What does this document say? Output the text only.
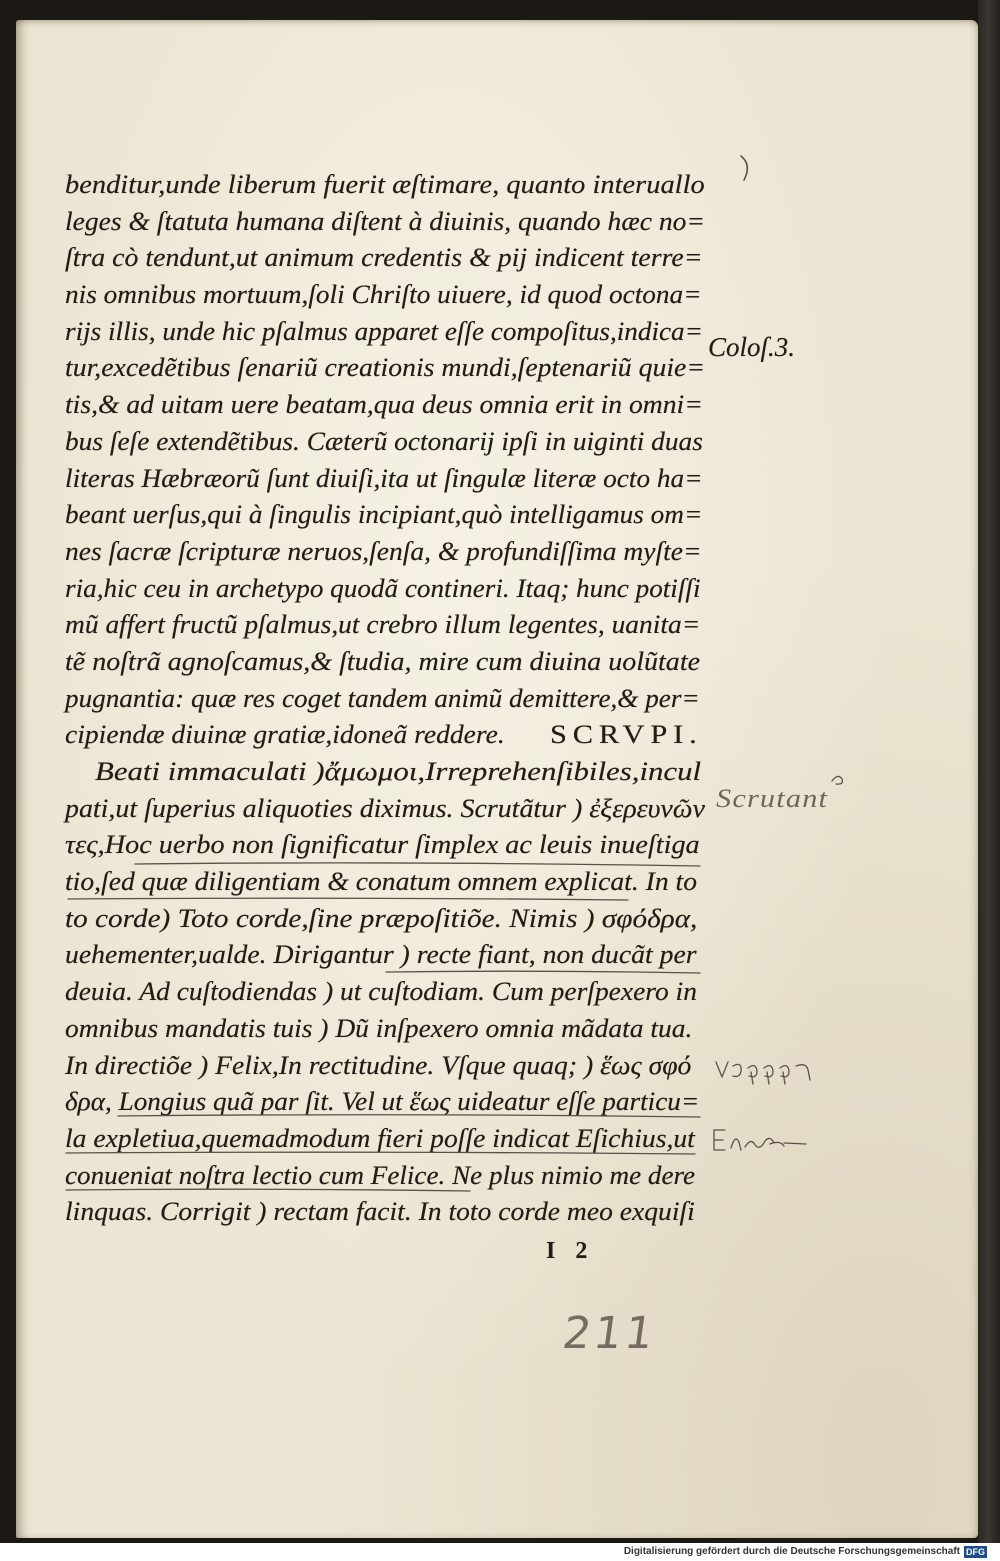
benditur,unde liberum fuerit æſtimare, quanto interuallo
leges & ſtatuta humana diſtent à diuinis, quando hæc no=
ſtra cò tendunt,ut animum credentis & pij indicent terre=
nis omnibus mortuum,ſoli Chriſto uiuere, id quod octona=
rijs illis, unde hic pſalmus apparet eſſe compoſitus,indica=
tur,excedẽtibus ſenariũ creationis mundi,ſeptenariũ quie=
tis,& ad uitam uere beatam,qua deus omnia erit in omni=
bus ſeſe extendẽtibus. Cæterũ octonarij ipſi in uiginti duas
literas Hæbræorũ ſunt diuiſi,ita ut ſingulæ literæ octo ha=
beant uerſus,qui à ſingulis incipiant,quò intelligamus om=
nes ſacræ ſcripturæ neruos,ſenſa, & profundiſſima myſte=
ria,hic ceu in archetypo quodã contineri. Itaq; hunc potiſſi
mũ affert fructũ pſalmus,ut crebro illum legentes, uanita=
tẽ noſtrã agnoſcamus,& ſtudia, mire cum diuina uolũtate
pugnantia: quæ res coget tandem animũ demittere,& per=
cipiendæ diuinæ gratiæ,idoneã reddere. SCRVPI.
Beati immaculati )ἄμωμοι,Irreprehenſibiles,incul
pati,ut ſuperius aliquoties diximus. Scrutãtur ) ἐξερευνῶν
τες,Hoc uerbo non ſignificatur ſimplex ac leuis inueſtiga
tio,ſed quæ diligentiam & conatum omnem explicat. In to
to corde) Toto corde,ſine præpoſitiõe. Nimis ) σφόδρα,
uehementer,ualde. Dirigantur ) recte fiant, non ducãt per
deuia. Ad cuſtodiendas ) ut cuſtodiam. Cum perſpexero in
omnibus mandatis tuis ) Dũ inſpexero omnia mãdata tua.
In directiõe ) Felix,In rectitudine. Vſque quaq; ) ἕως σφό
δρα, Longius quã par ſit. Vel ut ἕως uideatur eſſe particu=
la expletiua,quemadmodum fieri poſſe indicat Eſichius,ut
conueniat noſtra lectio cum Felice. Ne plus nimio me dere
linquas. Corrigit ) rectam facit. In toto corde meo exquiſi
Coloſ.3.
Scrutant
I 2
211
Digitalisierung gefördert durch die Deutsche Forschungsgemeinschaft DFG
